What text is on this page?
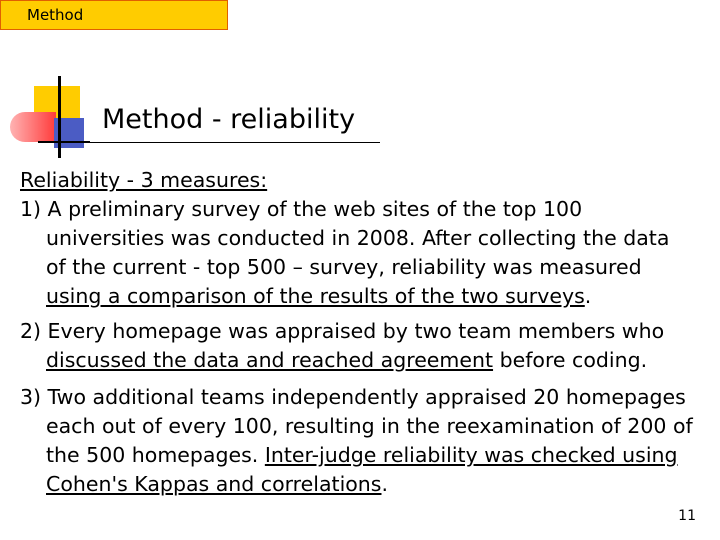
Method
Method - reliability
Reliability - 3 measures:
1) A preliminary survey of the web sites of the top 100
universities was conducted in 2008. After collecting the data
of the current - top 500 – survey, reliability was measured
using a comparison of the results of the two surveys.
2) Every homepage was appraised by two team members who
discussed the data and reached agreement before coding.
3) Two additional teams independently appraised 20 homepages
each out of every 100, resulting in the reexamination of 200 of
the 500 homepages. Inter-judge reliability was checked using
Cohen's Kappas and correlations.
11
